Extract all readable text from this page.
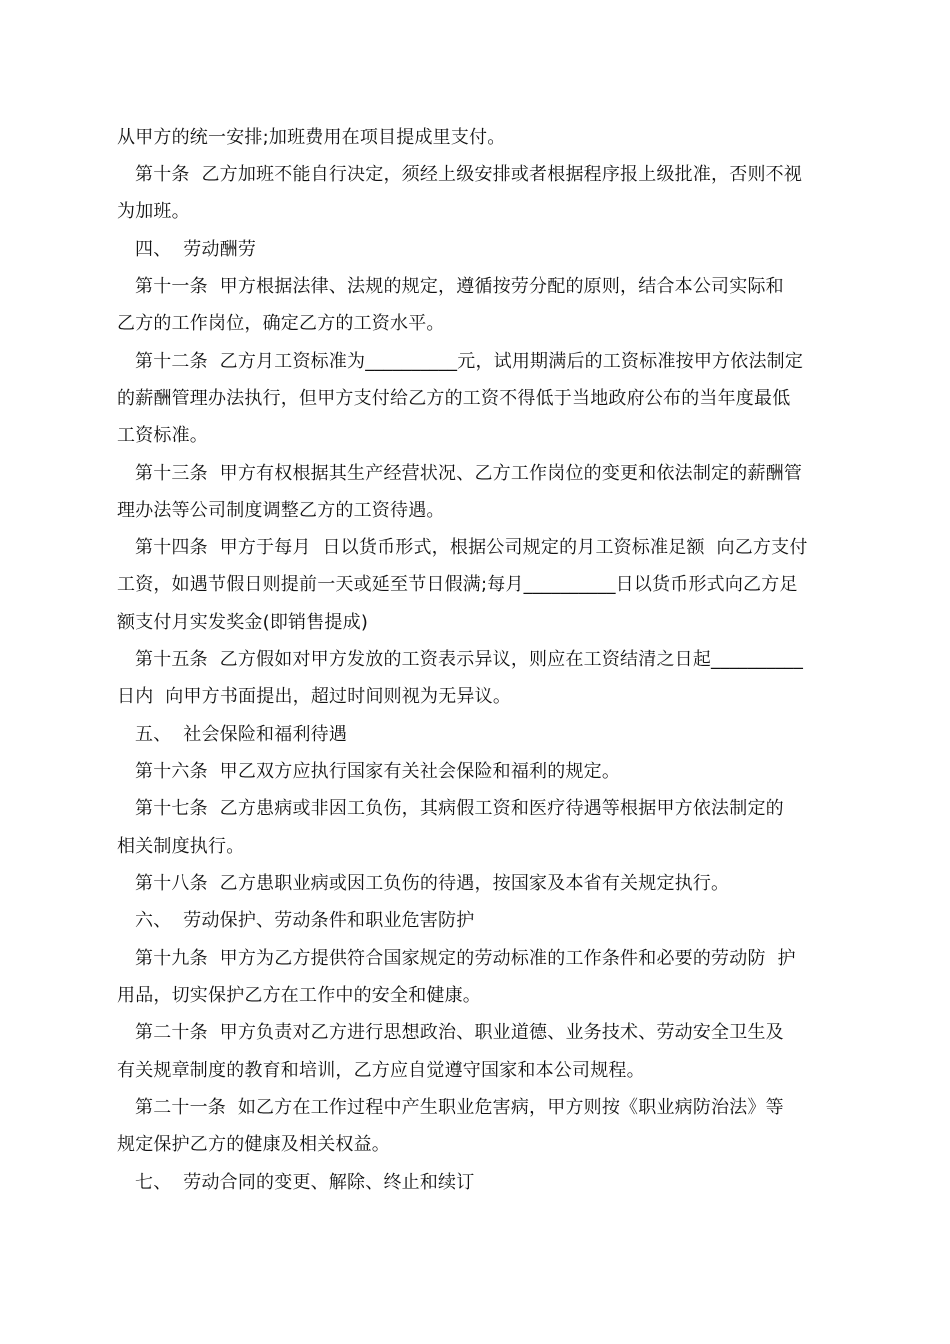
从甲方的统一安排;加班费用在项目提成里支付。
第十条  乙方加班不能自行决定，须经上级安排或者根据程序报上级批准，否则不视
为加班。
四、  劳动酬劳
第十一条  甲方根据法律、法规的规定，遵循按劳分配的原则，结合本公司实际和
乙方的工作岗位，确定乙方的工资水平。
第十二条  乙方月工资标准为__________元，试用期满后的工资标准按甲方依法制定
的薪酬管理办法执行，但甲方支付给乙方的工资不得低于当地政府公布的当年度最低
工资标准。
第十三条  甲方有权根据其生产经营状况、乙方工作岗位的变更和依法制定的薪酬管
理办法等公司制度调整乙方的工资待遇。
第十四条  甲方于每月  日以货币形式，根据公司规定的月工资标准足额  向乙方支付
工资，如遇节假日则提前一天或延至节日假满;每月__________日以货币形式向乙方足
额支付月实发奖金(即销售提成)
第十五条  乙方假如对甲方发放的工资表示异议，则应在工资结清之日起__________
日内  向甲方书面提出，超过时间则视为无异议。
五、  社会保险和福利待遇
第十六条  甲乙双方应执行国家有关社会保险和福利的规定。
第十七条  乙方患病或非因工负伤，其病假工资和医疗待遇等根据甲方依法制定的
相关制度执行。
第十八条  乙方患职业病或因工负伤的待遇，按国家及本省有关规定执行。
六、  劳动保护、劳动条件和职业危害防护
第十九条  甲方为乙方提供符合国家规定的劳动标准的工作条件和必要的劳动防  护
用品，切实保护乙方在工作中的安全和健康。
第二十条  甲方负责对乙方进行思想政治、职业道德、业务技术、劳动安全卫生及
有关规章制度的教育和培训，乙方应自觉遵守国家和本公司规程。
第二十一条  如乙方在工作过程中产生职业危害病，甲方则按《职业病防治法》等
规定保护乙方的健康及相关权益。
七、  劳动合同的变更、解除、终止和续订
